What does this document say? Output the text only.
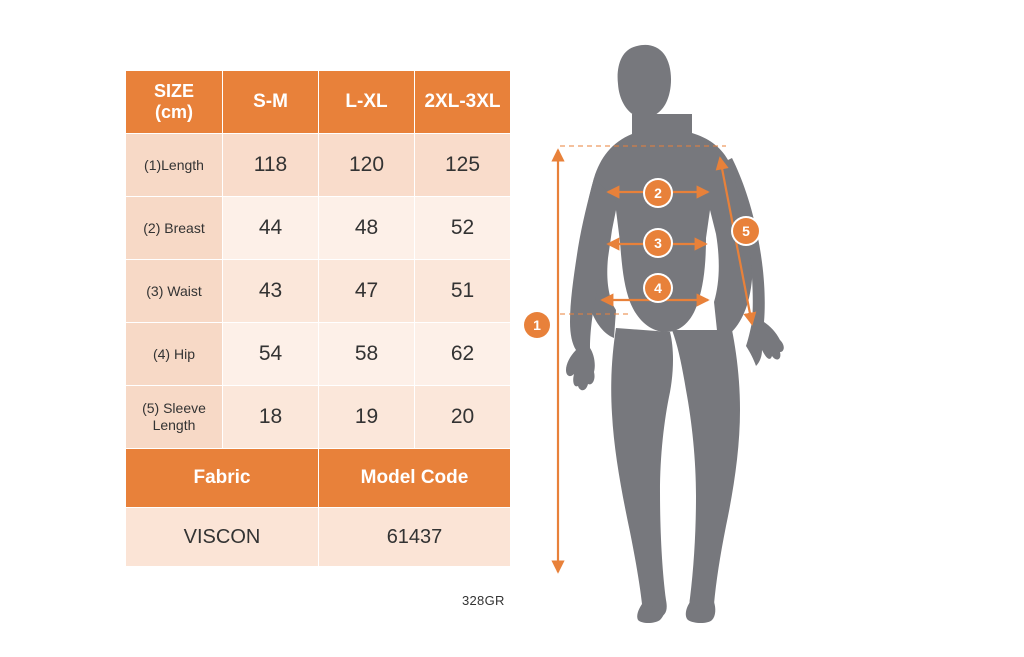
SIZE
(cm)	S-M	L-XL	2XL-3XL
(1)Length	118	120	125
(2) Breast	44	48	52
(3) Waist	43	47	51
(4) Hip	54	58	62

(5) Sleeve
Length	18	19	20
Fabric		Model Code	
VISCON		61437	
328GR
1
2
3
4
5
